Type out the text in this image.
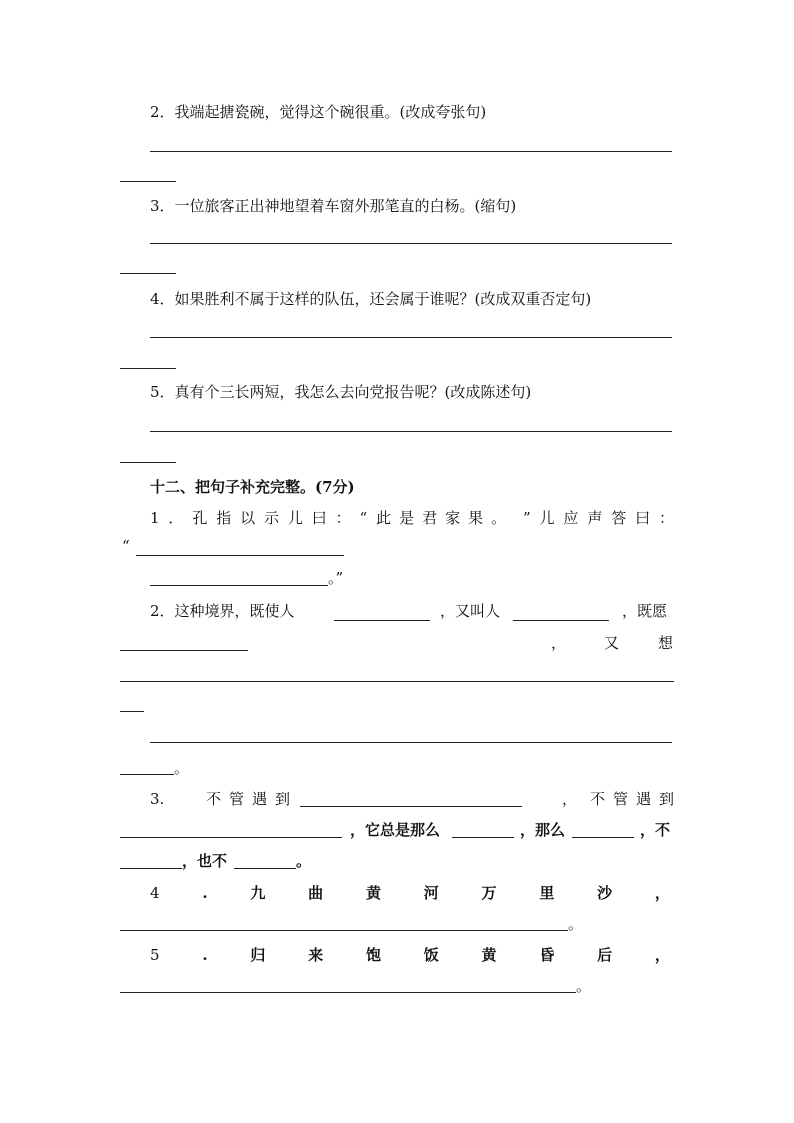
2．我端起搪瓷碗，觉得这个碗很重。(改成夸张句)
3．一位旅客正出神地望着车窗外那笔直的白杨。(缩句)
4．如果胜利不属于这样的队伍，还会属于谁呢？(改成双重否定句)
5．真有个三长两短，我怎么去向党报告呢？(改成陈述句)
十二、把句子补充完整。(7分)
1 ． 孔 指 以 示 儿 曰 ： “ 此是君家果。 ” 儿 应 声 答 曰 ：
“
。”
2．这种境界，既使人	，又叫人	，既愿
，	又	想
。
3.	不 管 遇 到	， 不 管 遇 到
，它总是那么	，那么	，不
，也不	。
4	.	九	曲	黄	河	万	里	沙	，
。
5	.	归	来	饱	饭	黄	昏	后	，
。
